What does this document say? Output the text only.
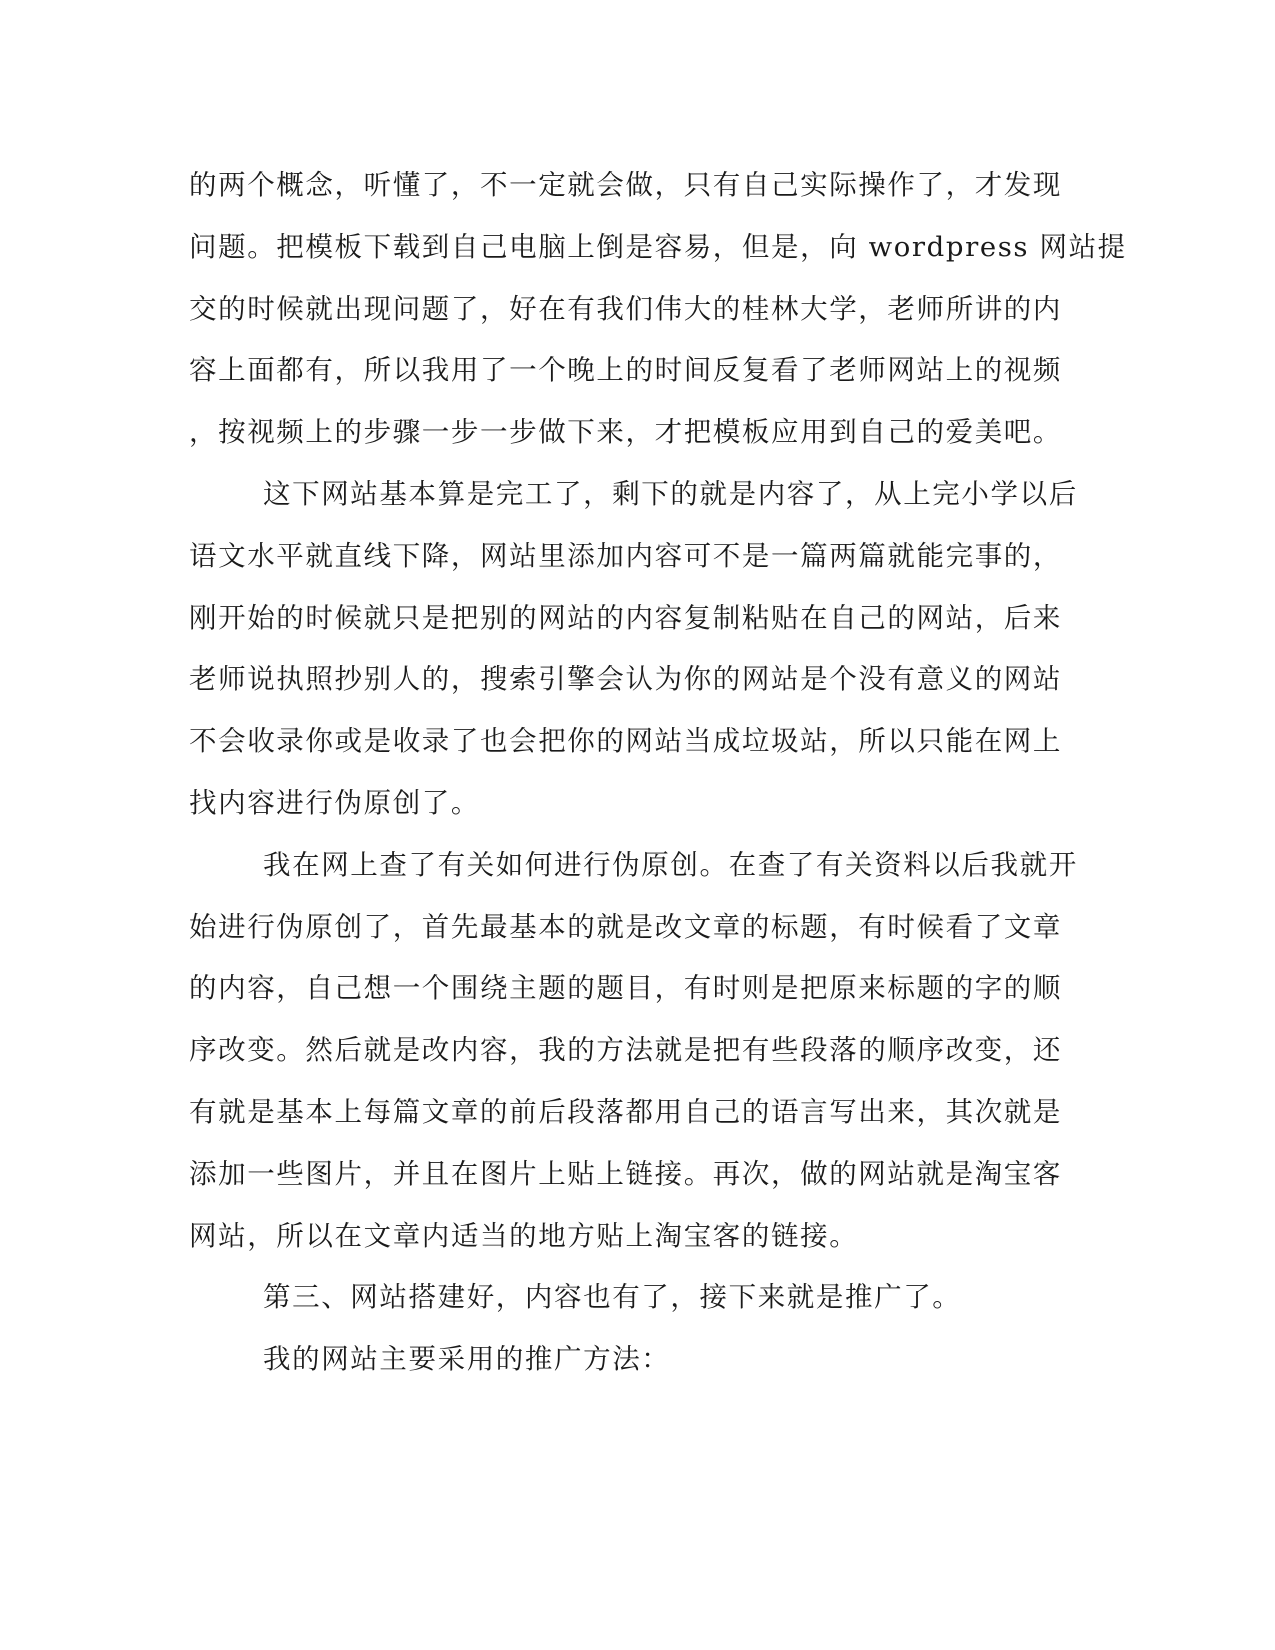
的两个概念，听懂了，不一定就会做，只有自己实际操作了，才发现

问题。把模板下载到自己电脑上倒是容易，但是，向 wordpress 网站提

交的时候就出现问题了，好在有我们伟大的桂林大学，老师所讲的内

容上面都有，所以我用了一个晚上的时间反复看了老师网站上的视频

，按视频上的步骤一步一步做下来，才把模板应用到自己的爱美吧。

这下网站基本算是完工了，剩下的就是内容了，从上完小学以后

语文水平就直线下降，网站里添加内容可不是一篇两篇就能完事的，

刚开始的时候就只是把别的网站的内容复制粘贴在自己的网站，后来

老师说执照抄别人的，搜索引擎会认为你的网站是个没有意义的网站

不会收录你或是收录了也会把你的网站当成垃圾站，所以只能在网上

找内容进行伪原创了。

我在网上查了有关如何进行伪原创。在查了有关资料以后我就开

始进行伪原创了，首先最基本的就是改文章的标题，有时候看了文章

的内容，自己想一个围绕主题的题目，有时则是把原来标题的字的顺

序改变。然后就是改内容，我的方法就是把有些段落的顺序改变，还

有就是基本上每篇文章的前后段落都用自己的语言写出来，其次就是

添加一些图片，并且在图片上贴上链接。再次，做的网站就是淘宝客

网站，所以在文章内适当的地方贴上淘宝客的链接。

第三、网站搭建好，内容也有了，接下来就是推广了。

我的网站主要采用的推广方法：
